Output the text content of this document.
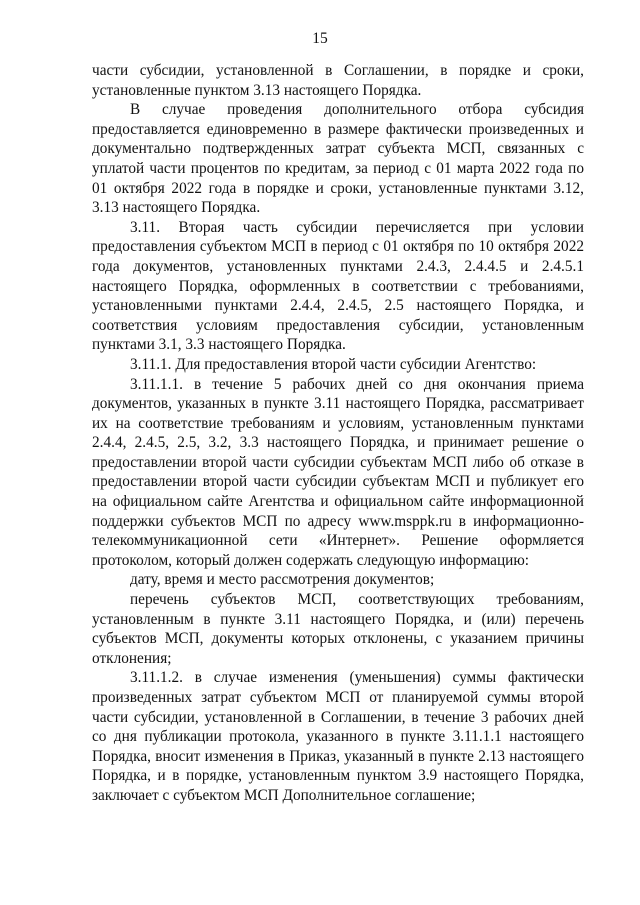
15

части субсидии, установленной в Соглашении, в порядке и сроки, установленные пунктом 3.13 настоящего Порядка.

В случае проведения дополнительного отбора субсидия предоставляется единовременно в размере фактически произведенных и документально подтвержденных затрат субъекта МСП, связанных с уплатой части процентов по кредитам, за период с 01 марта 2022 года по 01 октября 2022 года в порядке и сроки, установленные пунктами 3.12, 3.13 настоящего Порядка.

3.11. Вторая часть субсидии перечисляется при условии предоставления субъектом МСП в период с 01 октября по 10 октября 2022 года документов, установленных пунктами 2.4.3, 2.4.4.5 и 2.4.5.1 настоящего Порядка, оформленных в соответствии с требованиями, установленными пунктами 2.4.4, 2.4.5, 2.5 настоящего Порядка, и соответствия условиям предоставления субсидии, установленным пунктами 3.1, 3.3 настоящего Порядка.

3.11.1. Для предоставления второй части субсидии Агентство:

3.11.1.1. в течение 5 рабочих дней со дня окончания приема документов, указанных в пункте 3.11 настоящего Порядка, рассматривает их на соответствие требованиям и условиям, установленным пунктами 2.4.4, 2.4.5, 2.5, 3.2, 3.3 настоящего Порядка, и принимает решение о предоставлении второй части субсидии субъектам МСП либо об отказе в предоставлении второй части субсидии субъектам МСП и публикует его на официальном сайте Агентства и официальном сайте информационной поддержки субъектов МСП по адресу www.msppk.ru в информационно-телекоммуникационной сети «Интернет». Решение оформляется протоколом, который должен содержать следующую информацию:

дату, время и место рассмотрения документов;

перечень субъектов МСП, соответствующих требованиям, установленным в пункте 3.11 настоящего Порядка, и (или) перечень субъектов МСП, документы которых отклонены, с указанием причины отклонения;

3.11.1.2. в случае изменения (уменьшения) суммы фактически произведенных затрат субъектом МСП от планируемой суммы второй части субсидии, установленной в Соглашении, в течение 3 рабочих дней со дня публикации протокола, указанного в пункте 3.11.1.1 настоящего Порядка, вносит изменения в Приказ, указанный в пункте 2.13 настоящего Порядка, и в порядке, установленным пунктом 3.9 настоящего Порядка, заключает с субъектом МСП Дополнительное соглашение;
